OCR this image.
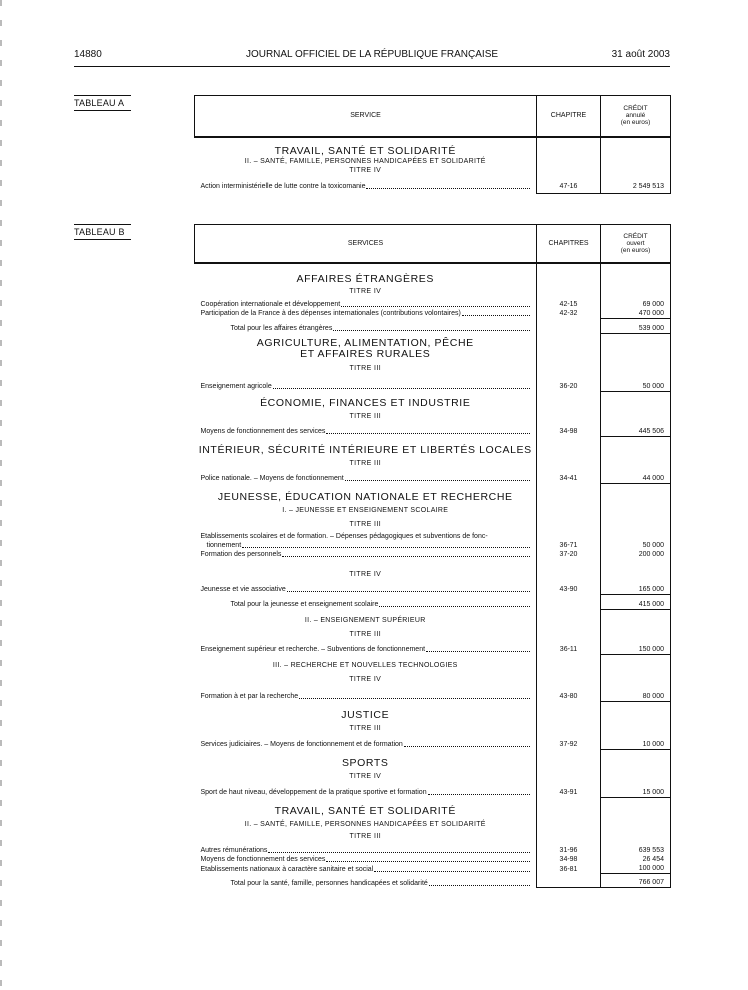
14880	JOURNAL OFFICIEL DE LA RÉPUBLIQUE FRANÇAISE	31 août 2003
TABLEAU A
SERVICE	CHAPITRE	CRÉDIT
annulé
(en euros)

TRAVAIL, SANTÉ ET SOLIDARITÉ		
II. – SANTÉ, FAMILLE, PERSONNES HANDICAPÉES ET SOLIDARITÉ		
TITRE IV		

Action interministérielle de lutte contre la toxicomanie	47-16	2 549 513

TABLEAU B
SERVICES	CHAPITRES	CRÉDIT
ouvert
(en euros)

AFFAIRES ÉTRANGÈRES		
TITRE IV		

Coopération internationale et développement	42-15	69 000

Participation de la France à des dépenses internationales (contributions volontaires)	42-32	470 000

Total pour les affaires étrangères		539 000
AGRICULTURE, ALIMENTATION, PÊCHE		
ET AFFAIRES RURALES		
TITRE III		

Enseignement agricole	36-20	50 000
ÉCONOMIE, FINANCES ET INDUSTRIE		
TITRE III		

Moyens de fonctionnement des services	34-98	445 506
INTÉRIEUR, SÉCURITÉ INTÉRIEURE ET LIBERTÉS LOCALES		
TITRE III		

Police nationale. – Moyens de fonctionnement	34-41	44 000
JEUNESSE, ÉDUCATION NATIONALE ET RECHERCHE		
I. – JEUNESSE ET ENSEIGNEMENT SCOLAIRE		
TITRE III		
Etablissements scolaires et de formation. – Dépenses pédagogiques et subventions de fonc-		

tionnement	36-71	50 000

Formation des personnels	37-20	200 000
TITRE IV		

Jeunesse et vie associative	43-90	165 000

Total pour la jeunesse et enseignement scolaire		415 000
II. – ENSEIGNEMENT SUPÉRIEUR		
TITRE III		

Enseignement supérieur et recherche. – Subventions de fonctionnement	36-11	150 000
III. – RECHERCHE ET NOUVELLES TECHNOLOGIES		
TITRE IV		

Formation à et par la recherche	43-80	80 000
JUSTICE		
TITRE III		

Services judiciaires. – Moyens de fonctionnement et de formation	37-92	10 000
SPORTS		
TITRE IV		

Sport de haut niveau, développement de la pratique sportive et formation	43-91	15 000
TRAVAIL, SANTÉ ET SOLIDARITÉ		
II. – SANTÉ, FAMILLE, PERSONNES HANDICAPÉES ET SOLIDARITÉ		
TITRE III		

Autres rémunérations	31-96	639 553

Moyens de fonctionnement des services	34-98	26 454

Etablissements nationaux à caractère sanitaire et social	36-81	100 000

Total pour la santé, famille, personnes handicapées et solidarité		766 007
